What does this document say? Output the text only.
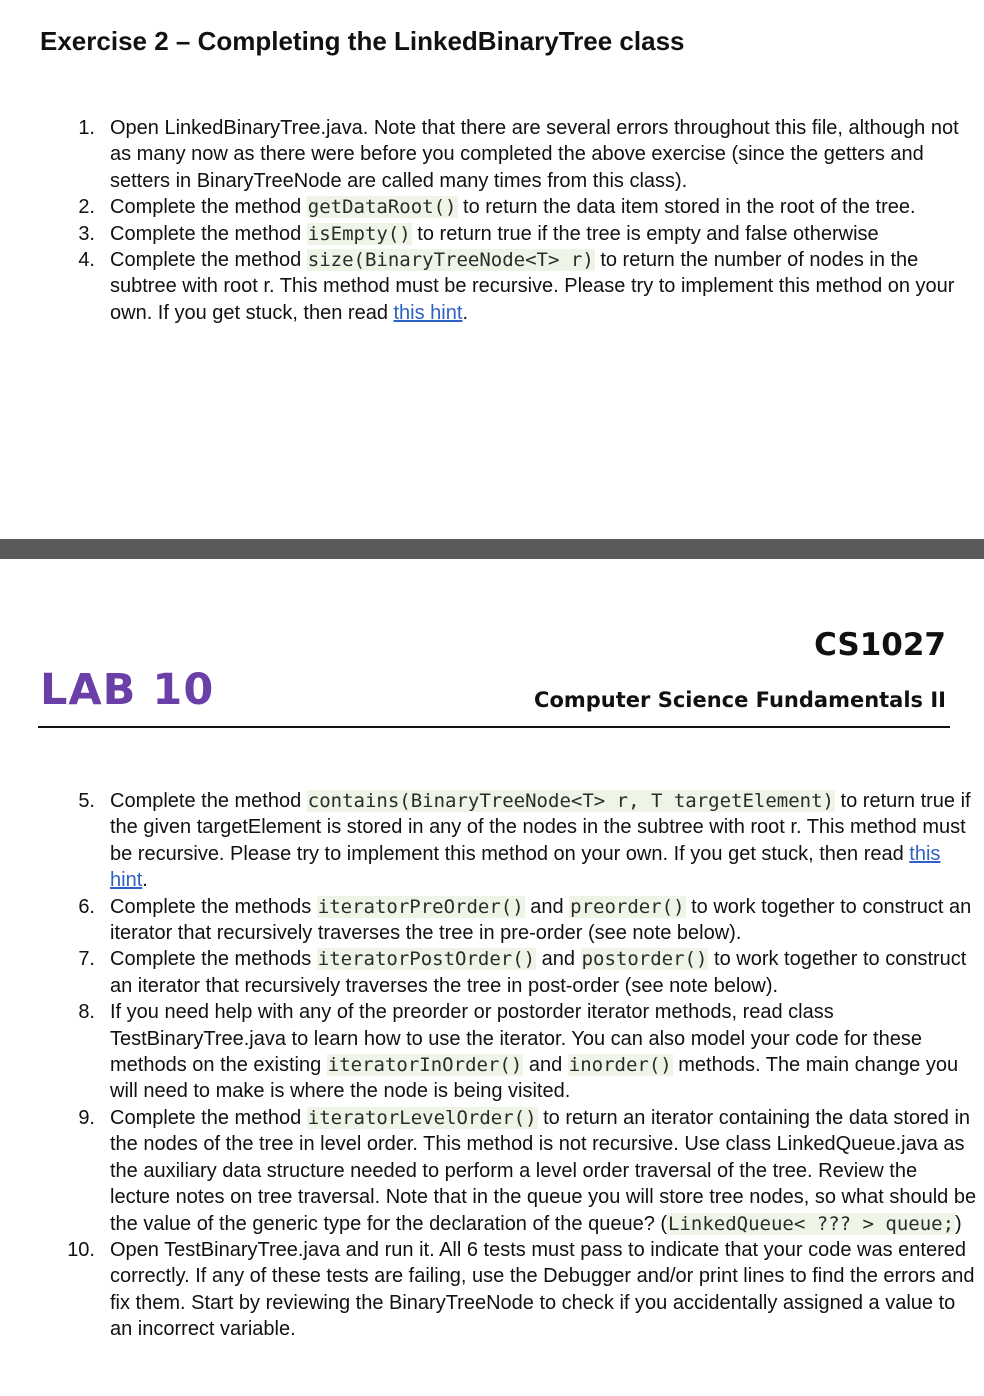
Exercise 2 – Completing the LinkedBinaryTree class
1. Open LinkedBinaryTree.java. Note that there are several errors throughout this file, although not as many now as there were before you completed the above exercise (since the getters and setters in BinaryTreeNode are called many times from this class).
2. Complete the method getDataRoot() to return the data item stored in the root of the tree.
3. Complete the method isEmpty() to return true if the tree is empty and false otherwise
4. Complete the method size(BinaryTreeNode<T> r) to return the number of nodes in the subtree with root r. This method must be recursive. Please try to implement this method on your own. If you get stuck, then read this hint.
LAB 10
CS1027
Computer Science Fundamentals II
5. Complete the method contains(BinaryTreeNode<T> r, T targetElement) to return true if the given targetElement is stored in any of the nodes in the subtree with root r. This method must be recursive. Please try to implement this method on your own. If you get stuck, then read this hint.
6. Complete the methods iteratorPreOrder() and preorder() to work together to construct an iterator that recursively traverses the tree in pre-order (see note below).
7. Complete the methods iteratorPostOrder() and postorder() to work together to construct an iterator that recursively traverses the tree in post-order (see note below).
8. If you need help with any of the preorder or postorder iterator methods, read class TestBinaryTree.java to learn how to use the iterator. You can also model your code for these methods on the existing iteratorInOrder() and inorder() methods. The main change you will need to make is where the node is being visited.
9. Complete the method iteratorLevelOrder() to return an iterator containing the data stored in the nodes of the tree in level order. This method is not recursive. Use class LinkedQueue.java as the auxiliary data structure needed to perform a level order traversal of the tree. Review the lecture notes on tree traversal. Note that in the queue you will store tree nodes, so what should be the value of the generic type for the declaration of the queue? (LinkedQueue< ??? > queue;)
10. Open TestBinaryTree.java and run it. All 6 tests must pass to indicate that your code was entered correctly. If any of these tests are failing, use the Debugger and/or print lines to find the errors and fix them. Start by reviewing the BinaryTreeNode to check if you accidentally assigned a value to an incorrect variable.
